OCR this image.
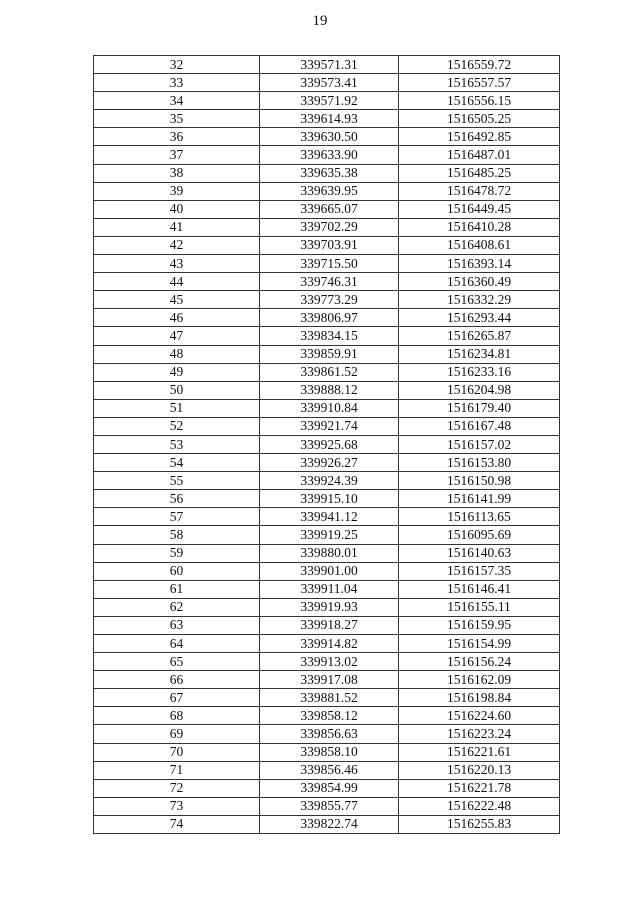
19
32	339571.31	1516559.72
33	339573.41	1516557.57
34	339571.92	1516556.15
35	339614.93	1516505.25
36	339630.50	1516492.85
37	339633.90	1516487.01
38	339635.38	1516485.25
39	339639.95	1516478.72
40	339665.07	1516449.45
41	339702.29	1516410.28
42	339703.91	1516408.61
43	339715.50	1516393.14
44	339746.31	1516360.49
45	339773.29	1516332.29
46	339806.97	1516293.44
47	339834.15	1516265.87
48	339859.91	1516234.81
49	339861.52	1516233.16
50	339888.12	1516204.98
51	339910.84	1516179.40
52	339921.74	1516167.48
53	339925.68	1516157.02
54	339926.27	1516153.80
55	339924.39	1516150.98
56	339915.10	1516141.99
57	339941.12	1516113.65
58	339919.25	1516095.69
59	339880.01	1516140.63
60	339901.00	1516157.35
61	339911.04	1516146.41
62	339919.93	1516155.11
63	339918.27	1516159.95
64	339914.82	1516154.99
65	339913.02	1516156.24
66	339917.08	1516162.09
67	339881.52	1516198.84
68	339858.12	1516224.60
69	339856.63	1516223.24
70	339858.10	1516221.61
71	339856.46	1516220.13
72	339854.99	1516221.78
73	339855.77	1516222.48
74	339822.74	1516255.83
